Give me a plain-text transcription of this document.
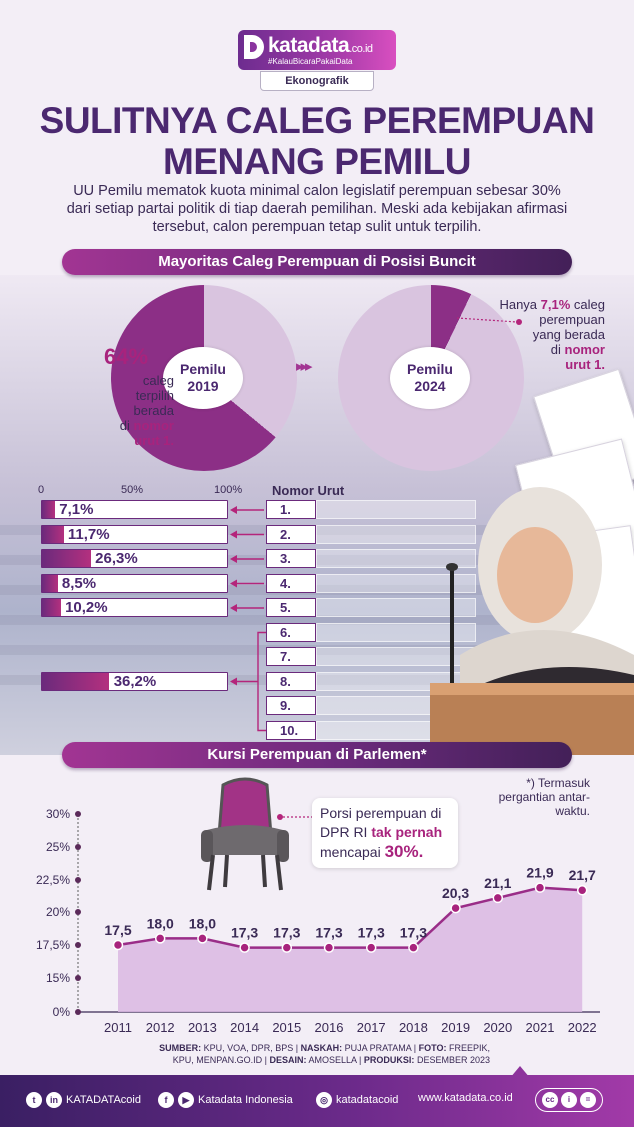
katadata.co.id
#KalauBicaraPakaiData
Ekonografik
SULITNYA CALEG PEREMPUAN
MENANG PEMILU
UU Pemilu mematok kuota minimal calon legislatif perempuan sebesar 30% dari setiap partai politik di tiap daerah pemilihan. Meski ada kebijakan afirmasi tersebut, calon perempuan tetap sulit untuk terpilih.
Mayoritas Caleg Perempuan di Posisi Buncit
Pemilu 2019
64%
caleg
terpilih
berada
di nomor
urut 1.
▸▸▸	Pemilu 2024
Hanya 7,1% caleg
perempuan
yang berada
di nomor
urut 1.
0	50%	100% Nomor Urut
7,1%	1.
11,7%	2.
26,3%	3.
8,5%	4.
10,2%	5.
6.
7.
36,2%	8.
9.
10.
Kursi Perempuan di Parlemen*
*) Termasuk pergantian antar-waktu.
Porsi perempuan di DPR RI tak pernah mencapai 30%.
0%
15%
17,5%
20%
22,5%
25%
30%
17,5
2011
18,0
2012
18,0
2013
17,3
2014
17,3
2015
17,3
2016
17,3
2017
17,3
2018
20,3
2019
21,1
2020
21,9
2021
21,7
2022
SUMBER: KPU, VOA, DPR, BPS | NASKAH: PUJA PRATAMA | FOTO: FREEPIK,
KPU, MENPAN.GO.ID | DESAIN: AMOSELLA | PRODUKSI: DESEMBER 2023
t	in KATADATAcoid	f	▶ Katadata Indonesia	◎ katadatacoid www.katadata.co.id	cc	i	=
